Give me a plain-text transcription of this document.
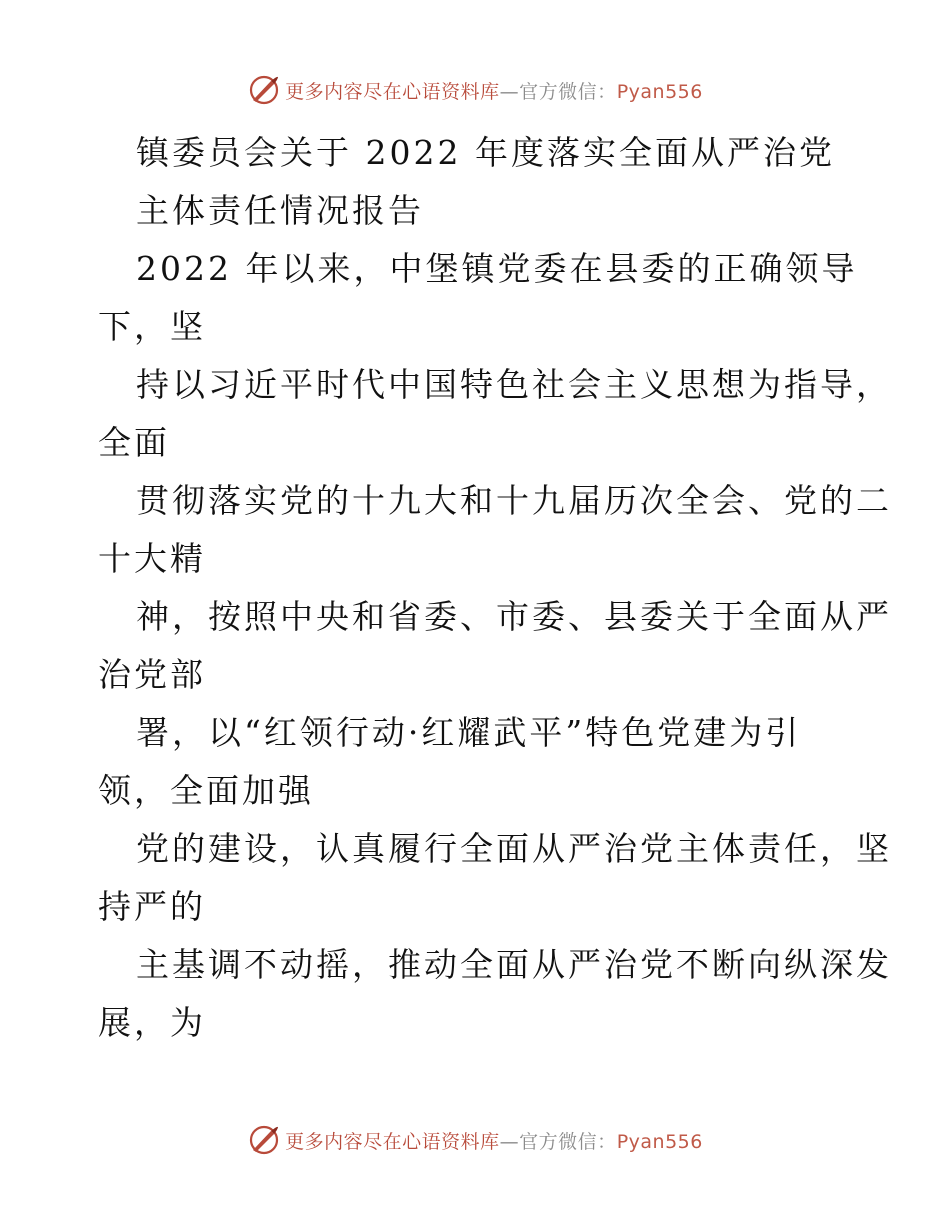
更多内容尽在心语资料库—官方微信：Pyan556
镇委员会关于 2022 年度落实全面从严治党
主体责任情况报告
2022 年以来，中堡镇党委在县委的正确领导
下，坚
持以习近平时代中国特色社会主义思想为指导，
全面
贯彻落实党的十九大和十九届历次全会、党的二
十大精
神，按照中央和省委、市委、县委关于全面从严
治党部
署，以“红领行动·红耀武平”特色党建为引
领，全面加强
党的建设，认真履行全面从严治党主体责任，坚
持严的
主基调不动摇，推动全面从严治党不断向纵深发
展，为
更多内容尽在心语资料库—官方微信：Pyan556
